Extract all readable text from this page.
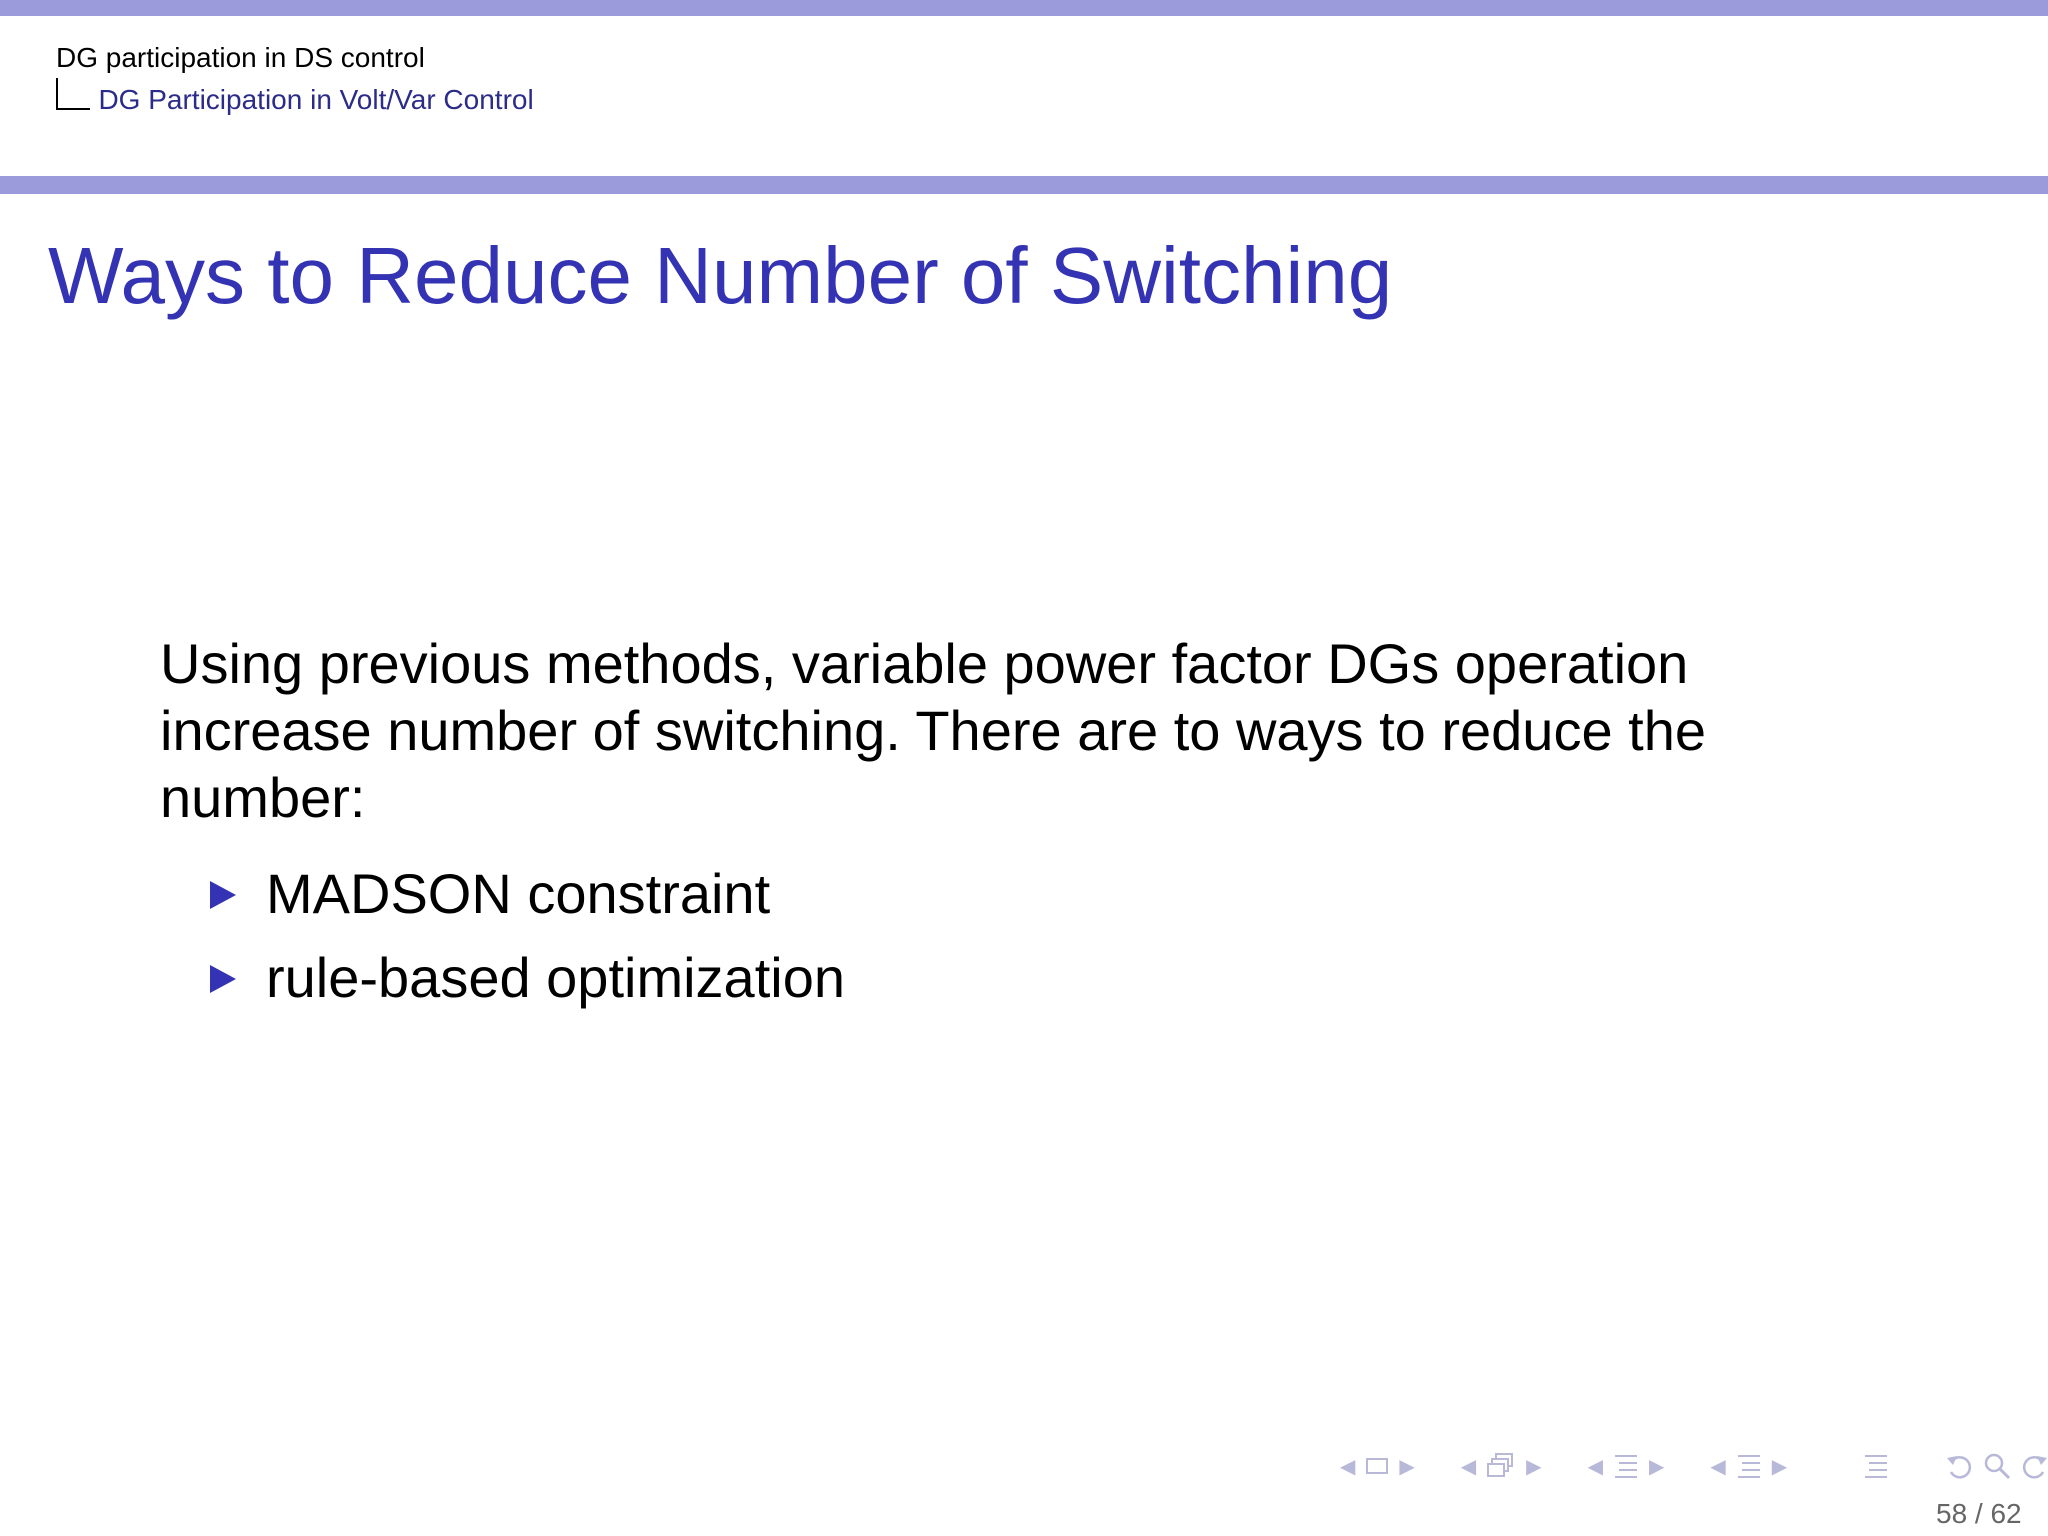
DG participation in DS control
DG Participation in Volt/Var Control
Ways to Reduce Number of Switching

Using previous methods, variable power factor DGs operation increase number of switching. There are to ways to reduce the number:

MADSON constraint
rule-based optimization
◀ ▶ ◀	▶ ◀ ▶ ◀ ▶
58 / 62
